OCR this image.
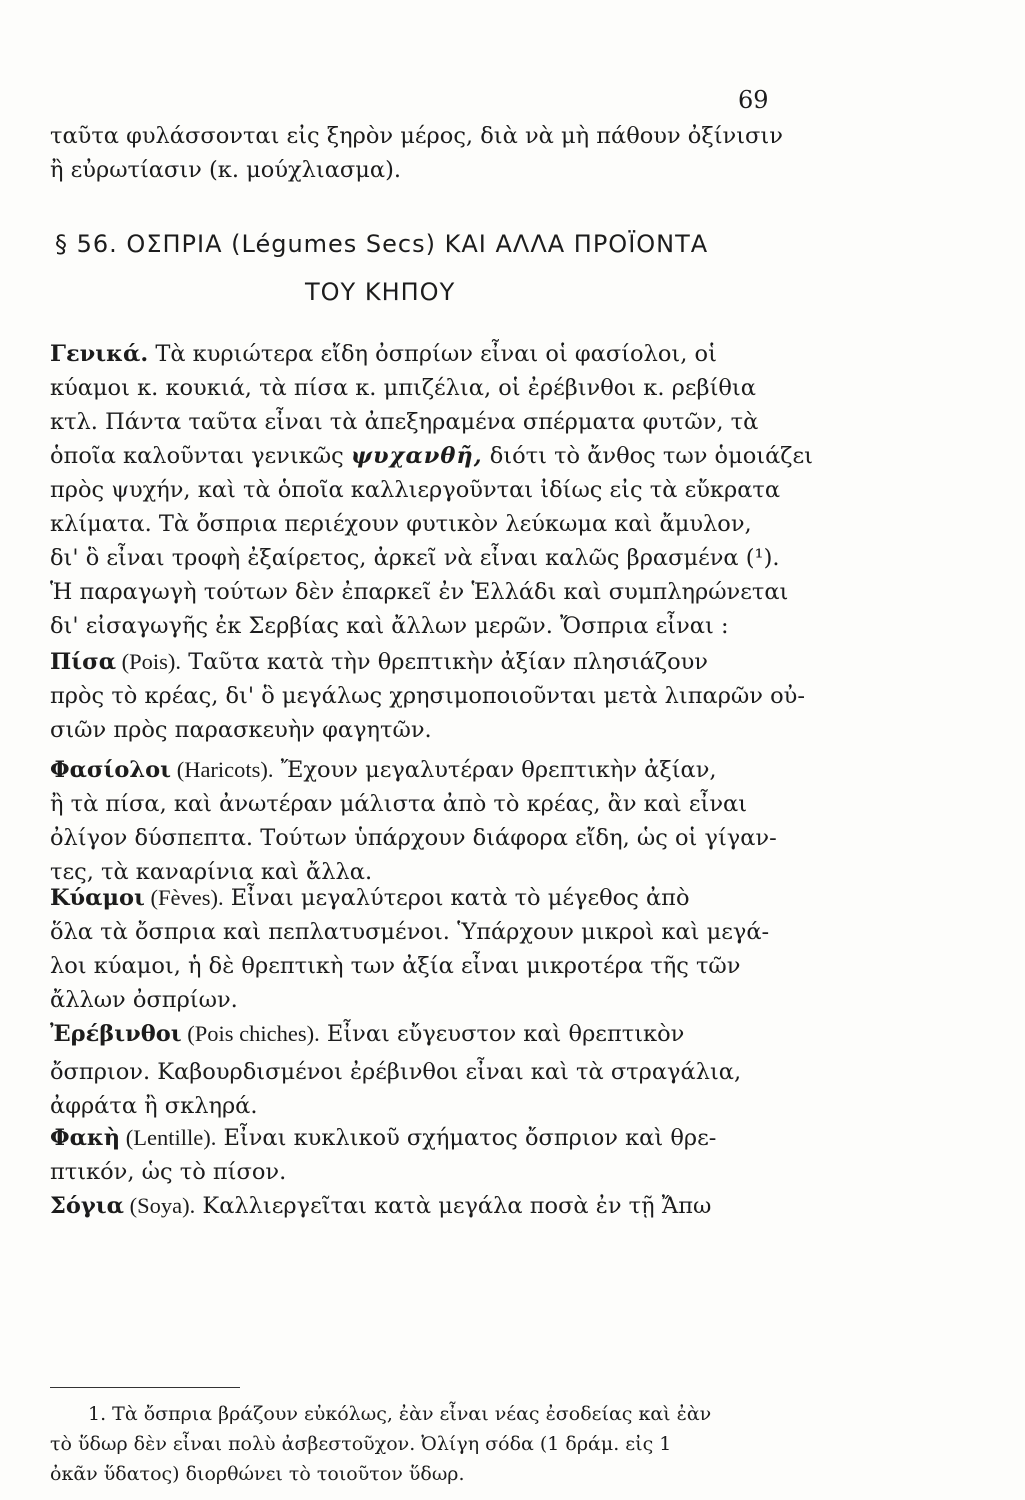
69
ταῦτα φυλάσσονται εἰς ξηρὸν μέρος, διὰ νὰ μὴ πάθουν ὀξίνισιν
ἢ εὐρωτίασιν (κ. μούχλιασμα).
§ 56. ΟΣΠΡΙΑ (Légumes Secs) ΚΑΙ ΑΛΛΑ ΠΡΟΪΟΝΤΑ
ΤΟΥ ΚΗΠΟΥ
Γενικά. Τὰ κυριώτερα εἴδη ὀσπρίων εἶναι οἱ φασίολοι, οἱ
κύαμοι κ. κουκιά, τὰ πίσα κ. μπιζέλια, οἱ ἐρέβινθοι κ. ρεβίθια
κτλ. Πάντα ταῦτα εἶναι τὰ ἀπεξηραμένα σπέρματα φυτῶν, τὰ
ὁποῖα καλοῦνται γενικῶς ψυχανθῆ, διότι τὸ ἄνθος των ὁμοιάζει
πρὸς ψυχήν, καὶ τὰ ὁποῖα καλλιεργοῦνται ἰδίως εἰς τὰ εὔκρατα
κλίματα. Τὰ ὄσπρια περιέχουν φυτικὸν λεύκωμα καὶ ἄμυλον,
δι' ὃ εἶναι τροφὴ ἐξαίρετος, ἀρκεῖ νὰ εἶναι καλῶς βρασμένα (¹).
Ἡ παραγωγὴ τούτων δὲν ἐπαρκεῖ ἐν Ἑλλάδι καὶ συμπληρώνεται
δι' εἰσαγωγῆς ἐκ Σερβίας καὶ ἄλλων μερῶν. Ὄσπρια εἶναι :
Πίσα (Pois). Ταῦτα κατὰ τὴν θρεπτικὴν ἀξίαν πλησιάζουν
πρὸς τὸ κρέας, δι' ὃ μεγάλως χρησιμοποιοῦνται μετὰ λιπαρῶν οὐ-
σιῶν πρὸς παρασκευὴν φαγητῶν.
Φασίολοι (Haricots). Ἔχουν μεγαλυτέραν θρεπτικὴν ἀξίαν,
ἢ τὰ πίσα, καὶ ἀνωτέραν μάλιστα ἀπὸ τὸ κρέας, ἂν καὶ εἶναι
ὀλίγον δύσπεπτα. Τούτων ὑπάρχουν διάφορα εἴδη, ὡς οἱ γίγαν-
τες, τὰ καναρίνια καὶ ἄλλα.
Κύαμοι (Fèves). Εἶναι μεγαλύτεροι κατὰ τὸ μέγεθος ἀπὸ
ὅλα τὰ ὄσπρια καὶ πεπλατυσμένοι. Ὑπάρχουν μικροὶ καὶ μεγά-
λοι κύαμοι, ἡ δὲ θρεπτικὴ των ἀξία εἶναι μικροτέρα τῆς τῶν
ἄλλων ὀσπρίων.
Ἐρέβινθοι (Pois chiches). Εἶναι εὔγευστον καὶ θρεπτικὸν
ὄσπριον. Καβουρδισμένοι ἐρέβινθοι εἶναι καὶ τὰ στραγάλια,
ἀφράτα ἢ σκληρά.
Φακὴ (Lentille). Εἶναι κυκλικοῦ σχήματος ὄσπριον καὶ θρε-
πτικόν, ὡς τὸ πίσον.
Σόγια (Soya). Καλλιεργεῖται κατὰ μεγάλα ποσὰ ἐν τῇ Ἄπω
1. Τὰ ὄσπρια βράζουν εὐκόλως, ἐὰν εἶναι νέας ἐσοδείας καὶ ἐὰν
τὸ ὕδωρ δὲν εἶναι πολὺ ἀσβεστοῦχον. Ὀλίγη σόδα (1 δράμ. εἰς 1
ὀκᾶν ὕδατος) διορθώνει τὸ τοιοῦτον ὕδωρ.
